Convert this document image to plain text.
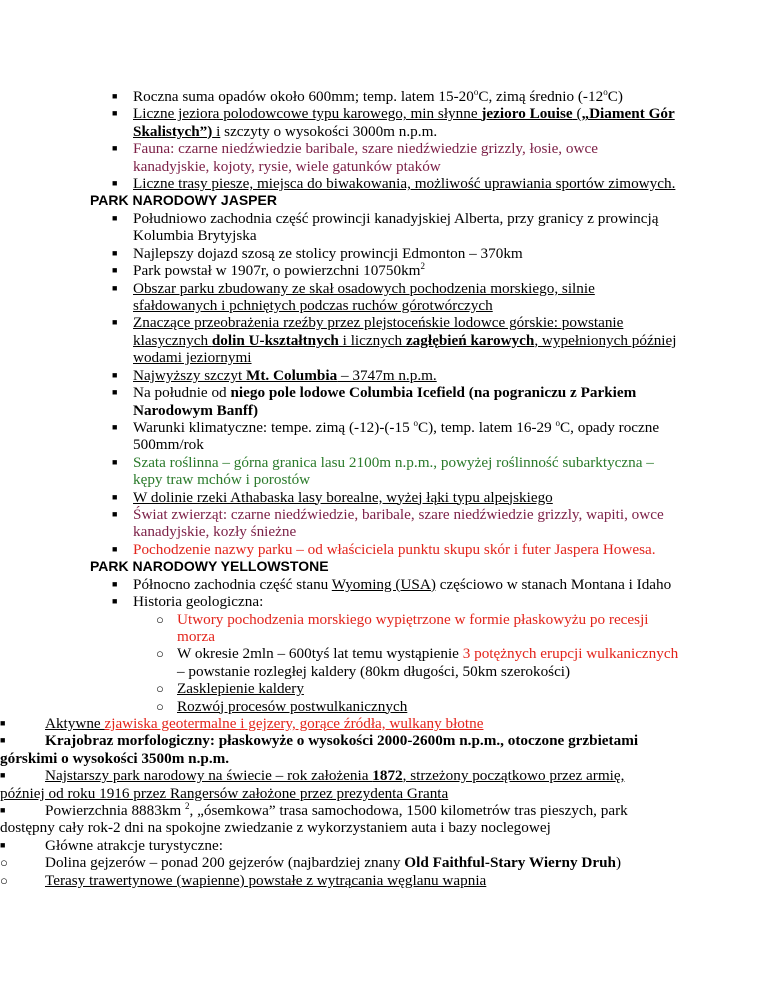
■ Roczna suma opadów około 600mm; temp. latem 15-20$^o$C, zimą średnio (-12$^o$C)
■ Liczne jeziora polodowcowe typu karowego, min słynne jezioro Louise („Diament Gór Skalistych”) i szczyty o wysokości 3000m n.p.m.
■ Fauna: czarne niedźwiedzie baribale, szare niedźwiedzie grizzly, łosie, owce kanadyjskie, kojoty, rysie, wiele gatunków ptaków
■ Liczne trasy piesze, miejsca do biwakowania, możliwość uprawiania sportów zimowych.
PARK NARODOWY JASPER
■ Południowo zachodnia część prowincji kanadyjskiej Alberta, przy granicy z prowincją Kolumbia Brytyjska
■ Najlepszy dojazd szosą ze stolicy prowincji Edmonton – 370km
■ Park powstał w 1907r, o powierzchni $10750km^2$
■ Obszar parku zbudowany ze skał osadowych pochodzenia morskiego, silnie sfałdowanych i pchniętych podczas ruchów górotwórczych
■ Znaczące przeobrażenia rzeźby przez plejstoceńskie lodowce górskie: powstanie klasycznych dolin U-kształtnych i licznych zagłębień karowych, wypełnionych później wodami jeziornymi
■ Najwyższy szczyt Mt. Columbia – 3747m n.p.m.
■ Na południe od niego pole lodowe Columbia Icefield (na pograniczu z Parkiem Narodowym Banff)
■ Warunki klimatyczne: tempe. zimą (-12)-(-15 $^o$C), temp. latem 16-29 $^o$C, opady roczne 500mm/rok
■ Szata roślinna – górna granica lasu 2100m n.p.m., powyżej roślinność subarktyczna – kępy traw mchów i porostów
■ W dolinie rzeki Athabaska lasy borealne, wyżej łąki typu alpejskiego
■ Świat zwierząt: czarne niedźwiedzie, baribale, szare niedźwiedzie grizzly, wapiti, owce kanadyjskie, kozły śnieżne
■ Pochodzenie nazwy parku – od właściciela punktu skupu skór i futer Jaspera Howesa.
PARK NARODOWY YELLOWSTONE
■ Północno zachodnia część stanu Wyoming (USA) częściowo w stanach Montana i Idaho
■ Historia geologiczna:
○ Utwory pochodzenia morskiego wypiętrzone w formie płaskowyżu po recesji morza
○ W okresie 2mln – 600tyś lat temu wystąpienie 3 potężnych erupcji wulkanicznych – powstanie rozległej kaldery (80km długości, 50km szerokości)
○ Zasklepienie kaldery
○ Rozwój procesów postwulkanicznych
■	Aktywne zjawiska geotermalne i gejzery, gorące źródła, wulkany błotne
■	Krajobraz morfologiczny: płaskowyże o wysokości 2000-2600m n.p.m., otoczone grzbietami górskimi o wysokości 3500m n.p.m.
■	Najstarszy park narodowy na świecie – rok założenia 1872, strzeżony początkowo przez armię, później od roku 1916 przez Rangersów założone przez prezydenta Granta
■	Powierzchnia 8883km $^2$, „ósemkowa” trasa samochodowa, 1500 kilometrów tras pieszych, park dostępny cały rok-2 dni na spokojne zwiedzanie z wykorzystaniem auta i bazy noclegowej
■	Główne atrakcje turystyczne:
○ Dolina gejzerów – ponad 200 gejzerów (najbardziej znany Old Faithful-Stary Wierny Druh)
○ Terasy trawertynowe (wapienne) powstałe z wytrącania węglanu wapnia
